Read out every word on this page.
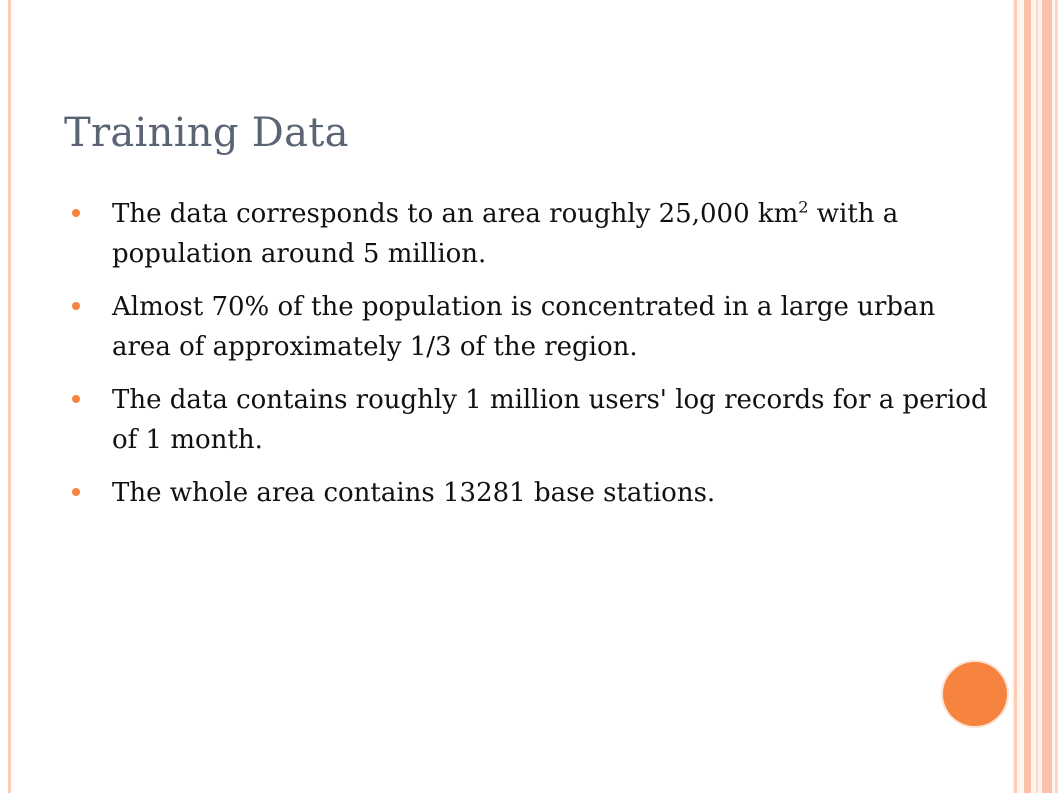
Training Data
The data corresponds to an area roughly 25,000 $km^2$ with a population around 5 million.
Almost 70% of the population is concentrated in a large urban area of approximately 1/3 of the region.
The data contains roughly 1 million users' log records for a period of 1 month.
The whole area contains 13281 base stations.
